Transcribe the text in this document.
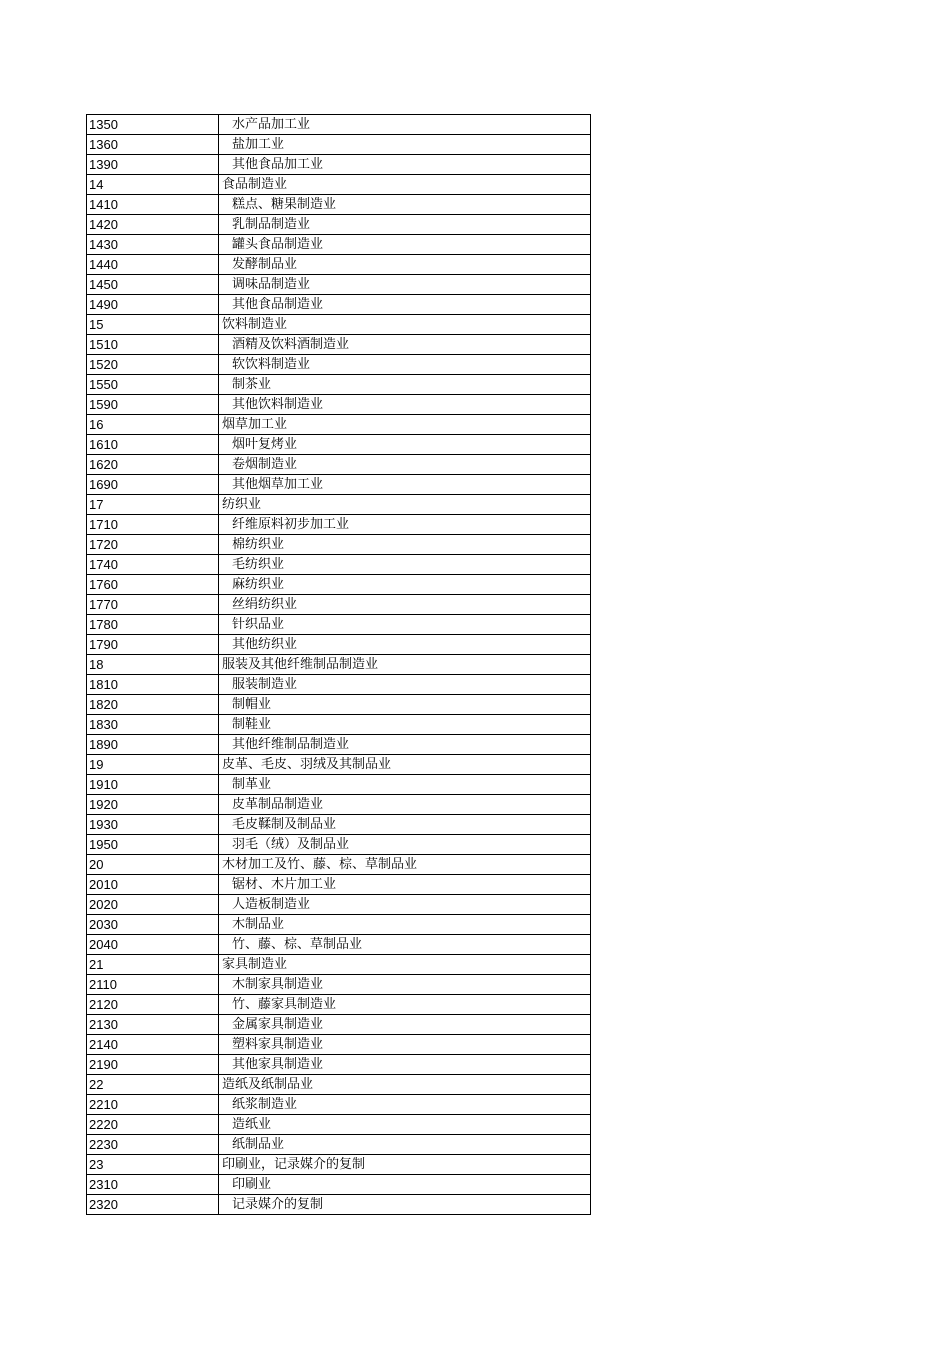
1350	水产品加工业
1360	盐加工业
1390	其他食品加工业
14	食品制造业
1410	糕点、糖果制造业
1420	乳制品制造业
1430	罐头食品制造业
1440	发酵制品业
1450	调味品制造业
1490	其他食品制造业
15	饮料制造业
1510	酒精及饮料酒制造业
1520	软饮料制造业
1550	制茶业
1590	其他饮料制造业
16	烟草加工业
1610	烟叶复烤业
1620	卷烟制造业
1690	其他烟草加工业
17	纺织业
1710	纤维原料初步加工业
1720	棉纺织业
1740	毛纺织业
1760	麻纺织业
1770	丝绢纺织业
1780	针织品业
1790	其他纺织业
18	服装及其他纤维制品制造业
1810	服装制造业
1820	制帽业
1830	制鞋业
1890	其他纤维制品制造业
19	皮革、毛皮、羽绒及其制品业
1910	制革业
1920	皮革制品制造业
1930	毛皮鞣制及制品业
1950	羽毛（绒）及制品业
20	木材加工及竹、藤、棕、草制品业
2010	锯材、木片加工业
2020	人造板制造业
2030	木制品业
2040	竹、藤、棕、草制品业
21	家具制造业
2110	木制家具制造业
2120	竹、藤家具制造业
2130	金属家具制造业
2140	塑料家具制造业
2190	其他家具制造业
22	造纸及纸制品业
2210	纸浆制造业
2220	造纸业
2230	纸制品业
23	印刷业，记录媒介的复制
2310	印刷业
2320	记录媒介的复制
